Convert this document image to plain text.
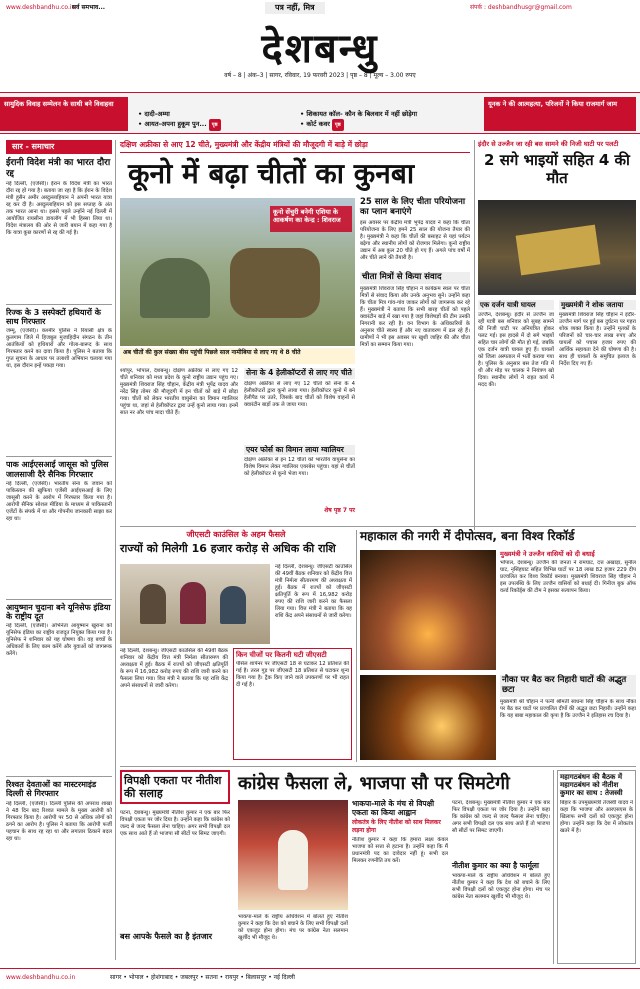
www.deshbandhu.co.in
सर्व समभाव...	पत्र नहीं, मित्र	संपर्क : deshbandhusgr@gmail.com
देशबन्धु
वर्ष – 8 | अंक–3 | सागर, रविवार, 19 फरवरी 2023 | पृष्ठ – 8 | मूल्य – 3.00 रुपए
सामुदिक विवाह सम्मेलन के साथी बने विवाहवा

• दादी-अम्मा
• आयत-अपना हुकूम पुन... पृष्ठ

• शिकायत कॉल- कौन के बिलवार में नहीं छोड़ेगा
• कोर्ट कवर पृष्ठ

यूनक ने की आत्महत्या, परिजनों ने किया राजमार्ग जाम
सार - समाचार
ईरानी विदेश मंत्री का भारत दौरा रद्द
नई दिल्ली, (एजेंसी)। ईरान के विदेश मंत्री का भारत दौरा रद्द हो गया है। बताया जा रहा है कि ईरान के विदेश मंत्री हुसैन अमीर अब्दुल्लाहियान ने अपनी भारत यात्रा रद्द कर दी है। अब्दुल्लाहियान को इस सप्ताह के अंत तक भारत आना था। इससे पहले उन्होंने नई दिल्ली में आयोजित रायसीना डायलॉग में भी हिस्सा लिया था। विदेश मंत्रालय की ओर से जारी बयान में कहा गया है कि यात्रा कुछ कारणों से रद्द की गई है।
रिज्क के 3 सस्पेक्टों हथियारों के साथ गिरफ्तार
जम्मू, (एजेंसी)। कश्मीर पुलिस ने रियासी क्षेत्र के कुलगाम जिले में हिजबुल मुजाहिदीन संगठन के तीन आतंकियों को हथियारों और गोला-बारूद के साथ गिरफ्तार करने का दावा किया है। पुलिस ने बताया कि गुप्त सूचना के आधार पर तलाशी अभियान चलाया गया था, इस दौरान इन्हें पकड़ा गया।
पाक आईएसआई जासूस को पुलिस जालसाजी दैरे सैनिक गिरफ्तार
नई दिल्ली, (एजेंसी)। भारतीय सेना के जवान को पाकिस्तान की खुफिया एजेंसी आईएसआई के लिए जासूसी करने के आरोप में गिरफ्तार किया गया है। आरोपी सैनिक सोशल मीडिया के माध्यम से पाकिस्तानी एजेंटों के संपर्क में था और गोपनीय जानकारी साझा कर रहा था।
आयुष्मान चुदाना बने यूनिसेफ इंडिया के राष्ट्रीय दूत
नई दिल्ली, (एजेंसी)। अभिनेता आयुष्मान खुराना को यूनिसेफ इंडिया का राष्ट्रीय राजदूत नियुक्त किया गया है। यूनिसेफ ने शनिवार को यह घोषणा की। वह बच्चों के अधिकारों के लिए काम करेंगे और युवाओं को जागरूक करेंगे।
रिश्वत देवताओं का मास्टरमाइंड दिल्ली से गिरफ्तार
नई दिल्ली, (एजेंसी)। दिल्ली पुलिस की अपराध शाखा ने 48 दिन बाद रिश्वत मामले के मुख्य आरोपी को गिरफ्तार किया है। आरोपी पर 50 से अधिक लोगों को ठगने का आरोप है। पुलिस ने बताया कि आरोपी फर्जी पहचान के साथ रह रहा था और लगातार ठिकाने बदल रहा था।
दक्षिण अफ्रीका से आए 12 चीते, मुख्यमंत्री और केंद्रीय मंत्रियों की मौजूदगी में बाड़े में छोड़ा
कूनो में बढ़ा चीतों का कुनबा
कूनो सेंचुरी बनेगी एशिया के आकर्षण का केन्द्र : शिवराज
अब चीतों की कुल संख्या बीस पहुंची पिछले साल नामीबिया से लाए गए थे 8 चीते
25 साल के लिए चीता परियोजना का प्लान बनाएंगे
इस अवसर पर केंद्रीय मंत्री भूपेंद्र यादव ने कहा कि चीता परियोजना के लिए हमने 25 साल की योजना तैयार की है। मुख्यमंत्री ने कहा कि चीतों की बसाहट से यहां पर्यटन बढ़ेगा और स्थानीय लोगों को रोजगार मिलेगा। कूनो राष्ट्रीय उद्यान में अब कुल 20 चीते हो गए हैं। अगले पांच वर्षों में और चीते लाने की तैयारी है।
चीता मित्रों से किया संवाद
मुख्यमंत्री शिवराज सिंह चौहान ने कार्यक्रम स्थल पर चीता मित्रों से संवाद किया और उनके अनुभव सुने। उन्होंने कहा कि चीता मित्र गांव-गांव जाकर लोगों को जागरूक कर रहे हैं। मुख्यमंत्री ने बताया कि सभी बारह चीतों को पहले क्वारंटीन बाड़े में रखा गया है जहां विशेषज्ञों की टीम उनकी निगरानी कर रही है। वन विभाग के अधिकारियों के अनुसार चीते स्वस्थ हैं और नए वातावरण में ढल रहे हैं। ग्रामीणों ने भी इस अवसर पर खुशी जाहिर की और चीता मित्रों का सम्मान किया गया।
श्योपुर, भोपाल, देशबन्धु। दक्षिण अफ्रीका से लाए गए 12 चीते शनिवार को मध्य प्रदेश के कूनो राष्ट्रीय उद्यान पहुंच गए। मुख्यमंत्री शिवराज सिंह चौहान, केंद्रीय मंत्री भूपेंद्र यादव और नरेंद्र सिंह तोमर की मौजूदगी में इन चीतों को बाड़े में छोड़ा गया। चीतों को लेकर भारतीय वायुसेना का विमान ग्वालियर पहुंचा था, जहां से हेलीकॉप्टर द्वारा उन्हें कूनो लाया गया। इनमें सात नर और पांच मादा चीते हैं।
सेना के 4 हेलीकॉप्टरों से लाए गए चीते
दक्षिण अफ्रीका से लाए गए 12 चीतों को सेना के 4 हेलीकॉप्टरों द्वारा कूनो लाया गया। हेलीकॉप्टर कूनो में बने हेलीपैड पर उतरे, जिसके बाद चीतों को विशेष वाहनों से क्वारंटीन बाड़ों तक ले जाया गया।
एयर फोर्स का विमान लाया ग्वालियर
दक्षिण अफ्रीका से इन 12 चीतों को भारतीय वायुसेना का विशेष विमान लेकर ग्वालियर एयरबेस पहुंचा। यहां से चीतों को हेलीकॉप्टर से कूनो भेजा गया।
शेष पृष्ठ 7 पर
इंदौर से उज्जैन जा रही बस सामने की निजी घाटी पर पलटी
2 सगे भाइयों सहित 4 की मौत
एक दर्जन यात्री घायल
उज्जैन, देशबन्धु। इंदौर से उज्जैन जा रही यात्री बस शनिवार को सुबह सामने की निजी घाटी पर अनियंत्रित होकर पलट गई। इस हादसे में दो सगे भाइयों सहित चार लोगों की मौत हो गई, जबकि एक दर्जन यात्री घायल हुए हैं। घायलों को जिला अस्पताल में भर्ती कराया गया है। पुलिस के अनुसार बस तेज गति में थी और मोड़ पर चालक ने नियंत्रण खो दिया। स्थानीय लोगों ने राहत कार्य में मदद की।
मुख्यमंत्री ने शोक जताया
मुख्यमंत्री शिवराज सिंह चौहान ने इंदौर-उज्जैन मार्ग पर हुई बस दुर्घटना पर गहरा शोक व्यक्त किया है। उन्होंने मृतकों के परिजनों को चार-चार लाख रुपए और घायलों को पचास हजार रुपए की आर्थिक सहायता देने की घोषणा की है। साथ ही घायलों के समुचित इलाज के निर्देश दिए गए हैं।
जीएसटी काउंसिल के अहम फैसले
राज्यों को मिलेगी 16 हजार करोड़ से अधिक की राशि
नई दिल्ली, देशबन्धु। जीएसटी काउंसिल की 49वीं बैठक शनिवार को केंद्रीय वित्त मंत्री निर्मला सीतारमण की अध्यक्षता में हुई। बैठक में राज्यों को जीएसटी क्षतिपूर्ति के रूप में 16,982 करोड़ रुपए की राशि जारी करने का फैसला लिया गया। वित्त मंत्री ने बताया कि यह राशि केंद्र अपने संसाधनों से जारी करेगा।
नई दिल्ली, देशबन्धु। जीएसटी काउंसिल की 49वीं बैठक शनिवार को केंद्रीय वित्त मंत्री निर्मला सीतारमण की अध्यक्षता में हुई। बैठक में राज्यों को जीएसटी क्षतिपूर्ति के रूप में 16,982 करोड़ रुपए की राशि जारी करने का फैसला लिया गया। वित्त मंत्री ने बताया कि यह राशि केंद्र अपने संसाधनों से जारी करेगा।
किन चीजों पर कितनी घटी जीएसटी
पेंसिल शार्पनर पर जीएसटी 18 से घटाकर 12 प्रतिशत की गई है। तरल गुड़ पर जीएसटी 18 प्रतिशत से घटाकर शून्य किया गया है। ट्रैक किए जाने वाले उपकरणों पर भी राहत दी गई है।
महाकाल की नगरी में दीपोत्सव, बना विश्व रिकॉर्ड
मुख्यमंत्री ने उज्जैन वासियों को दी बधाई
भोपाल, देशबन्धु। उज्जैन की जनता ने रामघाट, दत्त अखाड़ा, सुनील घाट, नृसिंहघाट सहित विभिन्न घाटों पर 18 लाख 82 हजार 229 दीप प्रज्वलित कर विश्व रिकॉर्ड बनाया। मुख्यमंत्री शिवराज सिंह चौहान ने इस उपलब्धि के लिए उज्जैन वासियों को बधाई दी। गिनीज बुक ऑफ वर्ल्ड रिकॉर्ड्स की टीम ने इसका सत्यापन किया।
नौका पर बैठ कर निहारी घाटों की अद्भुत छटा
मुख्यमंत्री श्री चौहान ने पत्नी श्रीमती साधना सिंह चौहान के साथ नौका पर बैठ कर घाटों पर प्रज्वलित दीपों की अद्भुत छटा निहारी। उन्होंने कहा कि यह बाबा महाकाल की कृपा है कि उज्जैन ने इतिहास रच दिया है।
विपक्षी एकता पर नीतीश की सलाह	कांग्रेस फैसला ले, भाजपा सौ पर सिमटेगी
पटना, देशबन्धु। मुख्यमंत्री नीतीश कुमार ने एक बार फिर विपक्षी एकता पर जोर दिया है। उन्होंने कहा कि कांग्रेस को जल्द से जल्द फैसला लेना चाहिए। अगर सभी विपक्षी दल एक साथ आते हैं तो भाजपा सौ सीटों पर सिमट जाएगी।
बस आपके फैसले का है इंतजार
भाकपा-माले के राष्ट्रीय अधिवेशन में बोलते हुए नीतीश कुमार ने कहा कि देश को बचाने के लिए सभी विपक्षी दलों को एकजुट होना होगा। मंच पर कांग्रेस नेता सलमान खुर्शीद भी मौजूद थे।
भाकपा-माले के मंच से विपक्षी एकता का किया आह्वान
लोकतंत्र के लिए नीतीश को साथ मिलकर लड़ना होगा
नीतीश कुमार ने कहा कि हमारा लक्ष्य केवल भाजपा को सत्ता से हटाना है। उन्होंने कहा कि मैं प्रधानमंत्री पद का दावेदार नहीं हूं। सभी दल मिलकर रणनीति तय करें।
पटना, देशबन्धु। मुख्यमंत्री नीतीश कुमार ने एक बार फिर विपक्षी एकता पर जोर दिया है। उन्होंने कहा कि कांग्रेस को जल्द से जल्द फैसला लेना चाहिए। अगर सभी विपक्षी दल एक साथ आते हैं तो भाजपा सौ सीटों पर सिमट जाएगी।
नीतीश कुमार का क्या है फार्मूला
भाकपा-माले के राष्ट्रीय अधिवेशन में बोलते हुए नीतीश कुमार ने कहा कि देश को बचाने के लिए सभी विपक्षी दलों को एकजुट होना होगा। मंच पर कांग्रेस नेता सलमान खुर्शीद भी मौजूद थे।
महागठबंधन की बैठक में महागठबंधन को नीतीश कुमार का साथ : तेजस्वी
बिहार के उपमुख्यमंत्री तेजस्वी यादव ने कहा कि भाजपा और आरएसएस के खिलाफ सभी दलों को एकजुट होना होगा। उन्होंने कहा कि देश में लोकतंत्र खतरे में है।
www.deshbandhu.co.in	सागर • भोपाल • होशंगाबाद • जबलपुर • सतना • रायपुर • बिलासपुर • नई दिल्ली
